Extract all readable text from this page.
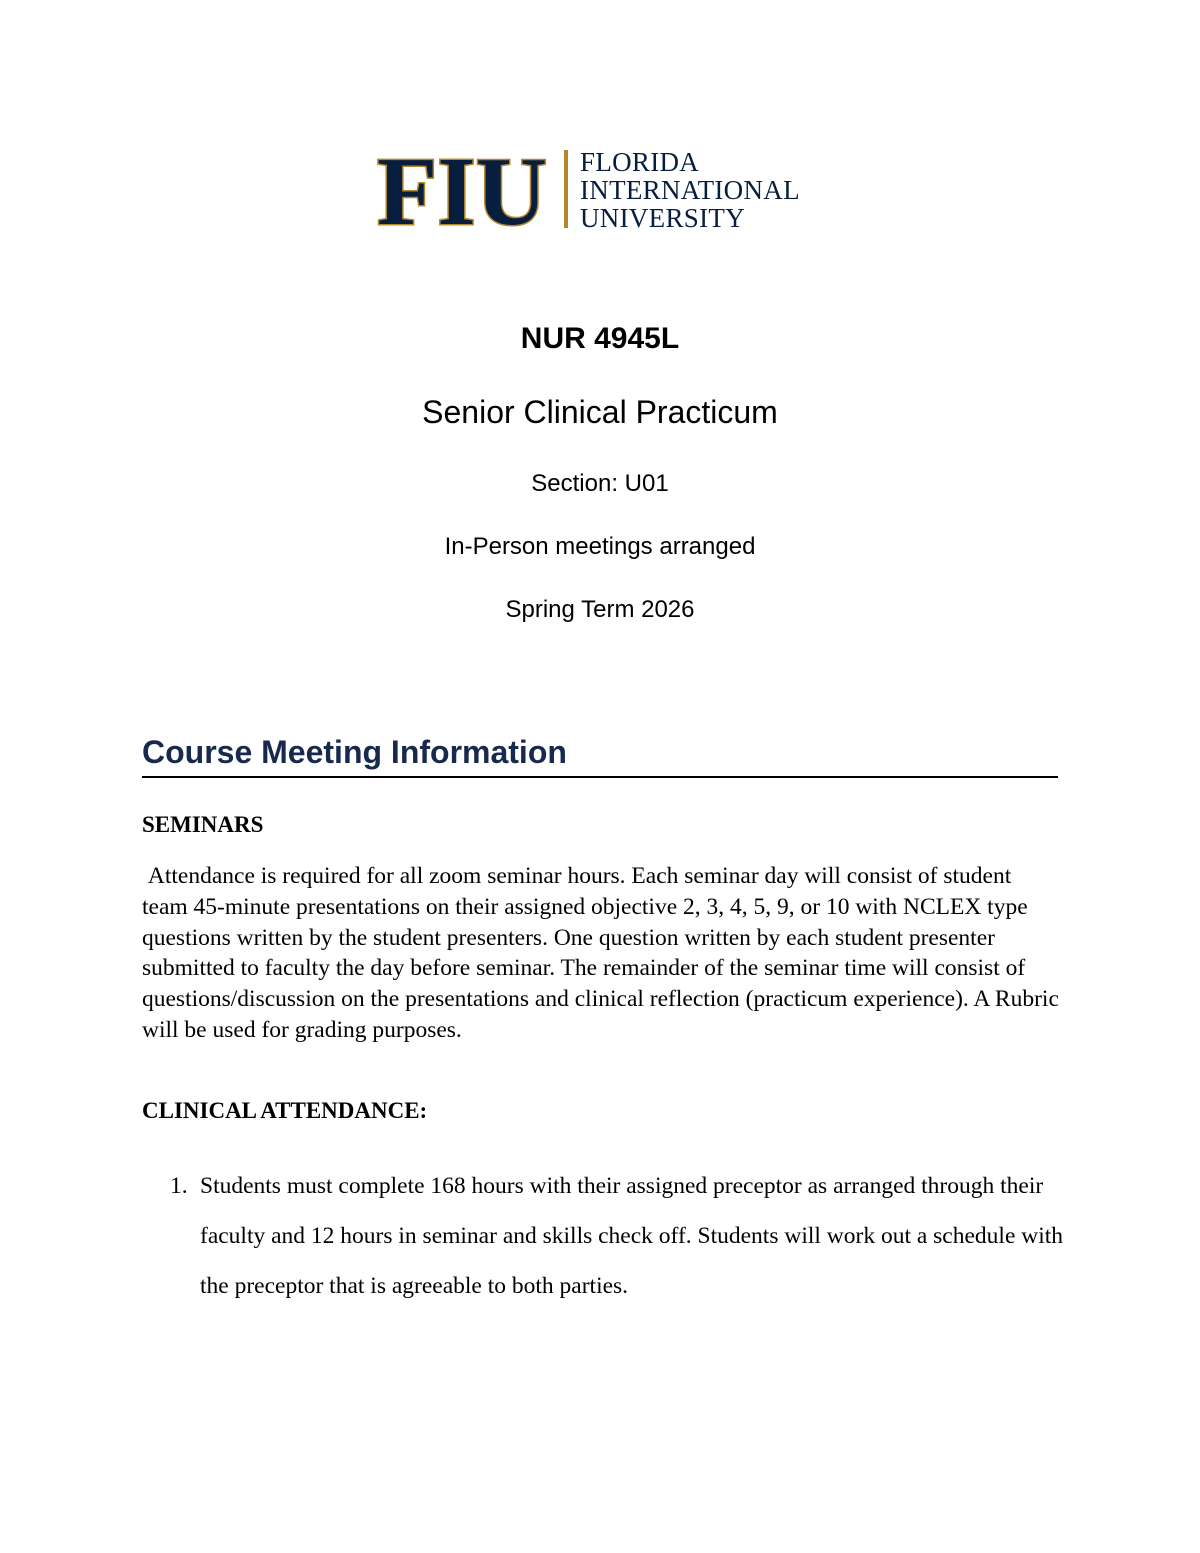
FIU FLORIDA
INTERNATIONAL
UNIVERSITY

NUR 4945L

Senior Clinical Practicum

Section: U01

In-Person meetings arranged

Spring Term 2026

Course Meeting Information
SEMINARS

Attendance is required for all zoom seminar hours. Each seminar day will consist of student team 45-minute presentations on their assigned objective 2, 3, 4, 5, 9, or 10 with NCLEX type questions written by the student presenters. One question written by each student presenter submitted to faculty the day before seminar. The remainder of the seminar time will consist of questions/discussion on the presentations and clinical reflection (practicum experience). A Rubric will be used for grading purposes.

CLINICAL ATTENDANCE:
1. Students must complete 168 hours with their assigned preceptor as arranged through their faculty and 12 hours in seminar and skills check off. Students will work out a schedule with the preceptor that is agreeable to both parties.
